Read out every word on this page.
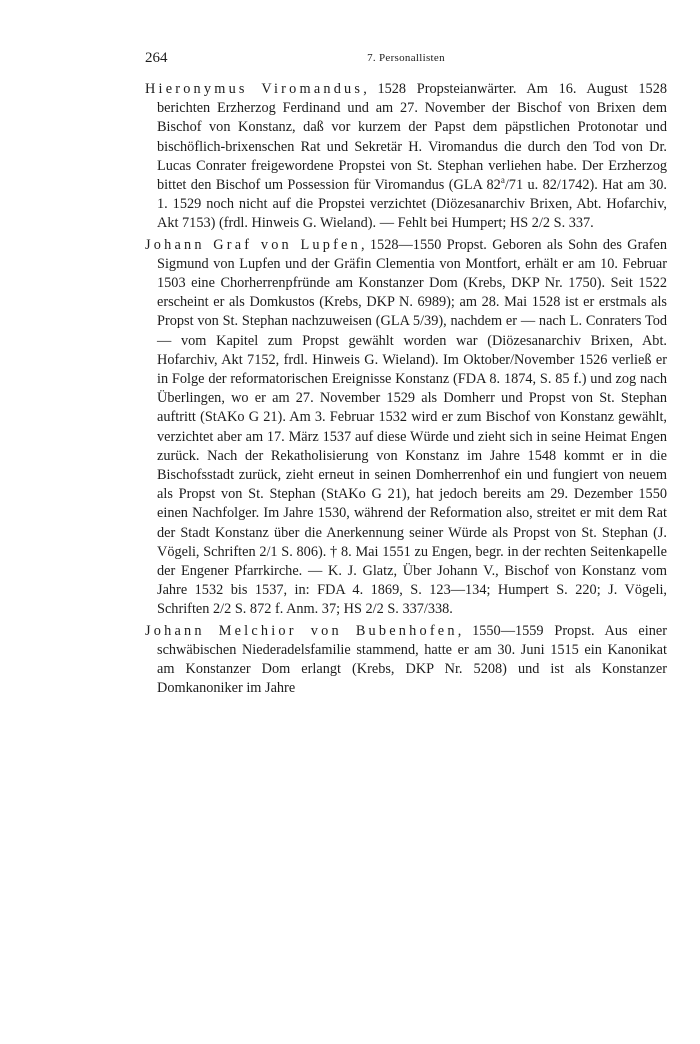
264	7. Personallisten

Hieronymus Viromandus, 1528 Propsteianwärter. Am 16. August 1528 berichten Erzherzog Ferdinand und am 27. November der Bischof von Brixen dem Bischof von Konstanz, daß vor kurzem der Papst dem päpstlichen Protonotar und bischöflich-brixenschen Rat und Sekretär H. Viromandus die durch den Tod von Dr. Lucas Conrater freigewordene Propstei von St. Stephan verliehen habe. Der Erzherzog bittet den Bischof um Possession für Viromandus (GLA 82$^a$/71 u. 82/1742). Hat am 30. 1. 1529 noch nicht auf die Propstei verzichtet (Diözesanarchiv Brixen, Abt. Hofarchiv, Akt 7153) (frdl. Hinweis G. Wieland). — Fehlt bei Humpert; HS 2/2 S. 337.

Johann Graf von Lupfen, 1528—1550 Propst. Geboren als Sohn des Grafen Sigmund von Lupfen und der Gräfin Clementia von Montfort, erhält er am 10. Februar 1503 eine Chorherrenpfründe am Konstanzer Dom (Krebs, DKP Nr. 1750). Seit 1522 erscheint er als Domkustos (Krebs, DKP N. 6989); am 28. Mai 1528 ist er erstmals als Propst von St. Stephan nachzuweisen (GLA 5/39), nachdem er — nach L. Conraters Tod — vom Kapitel zum Propst gewählt worden war (Diözesanarchiv Brixen, Abt. Hofarchiv, Akt 7152, frdl. Hinweis G. Wieland). Im Oktober/November 1526 verließ er in Folge der reformatorischen Ereignisse Konstanz (FDA 8. 1874, S. 85 f.) und zog nach Überlingen, wo er am 27. November 1529 als Domherr und Propst von St. Stephan auftritt (StAKo G 21). Am 3. Februar 1532 wird er zum Bischof von Konstanz gewählt, verzichtet aber am 17. März 1537 auf diese Würde und zieht sich in seine Heimat Engen zurück. Nach der Rekatholisierung von Konstanz im Jahre 1548 kommt er in die Bischofsstadt zurück, zieht erneut in seinen Domherrenhof ein und fungiert von neuem als Propst von St. Stephan (StAKo G 21), hat jedoch bereits am 29. Dezember 1550 einen Nachfolger. Im Jahre 1530, während der Reformation also, streitet er mit dem Rat der Stadt Konstanz über die Anerkennung seiner Würde als Propst von St. Stephan (J. Vögeli, Schriften 2/1 S. 806). † 8. Mai 1551 zu Engen, begr. in der rechten Seitenkapelle der Engener Pfarrkirche. — K. J. Glatz, Über Johann V., Bischof von Konstanz vom Jahre 1532 bis 1537, in: FDA 4. 1869, S. 123—134; Humpert S. 220; J. Vögeli, Schriften 2/2 S. 872 f. Anm. 37; HS 2/2 S. 337/338.

Johann Melchior von Bubenhofen, 1550—1559 Propst. Aus einer schwäbischen Niederadelsfamilie stammend, hatte er am 30. Juni 1515 ein Kanonikat am Konstanzer Dom erlangt (Krebs, DKP Nr. 5208) und ist als Konstanzer Domkanoniker im Jahre
